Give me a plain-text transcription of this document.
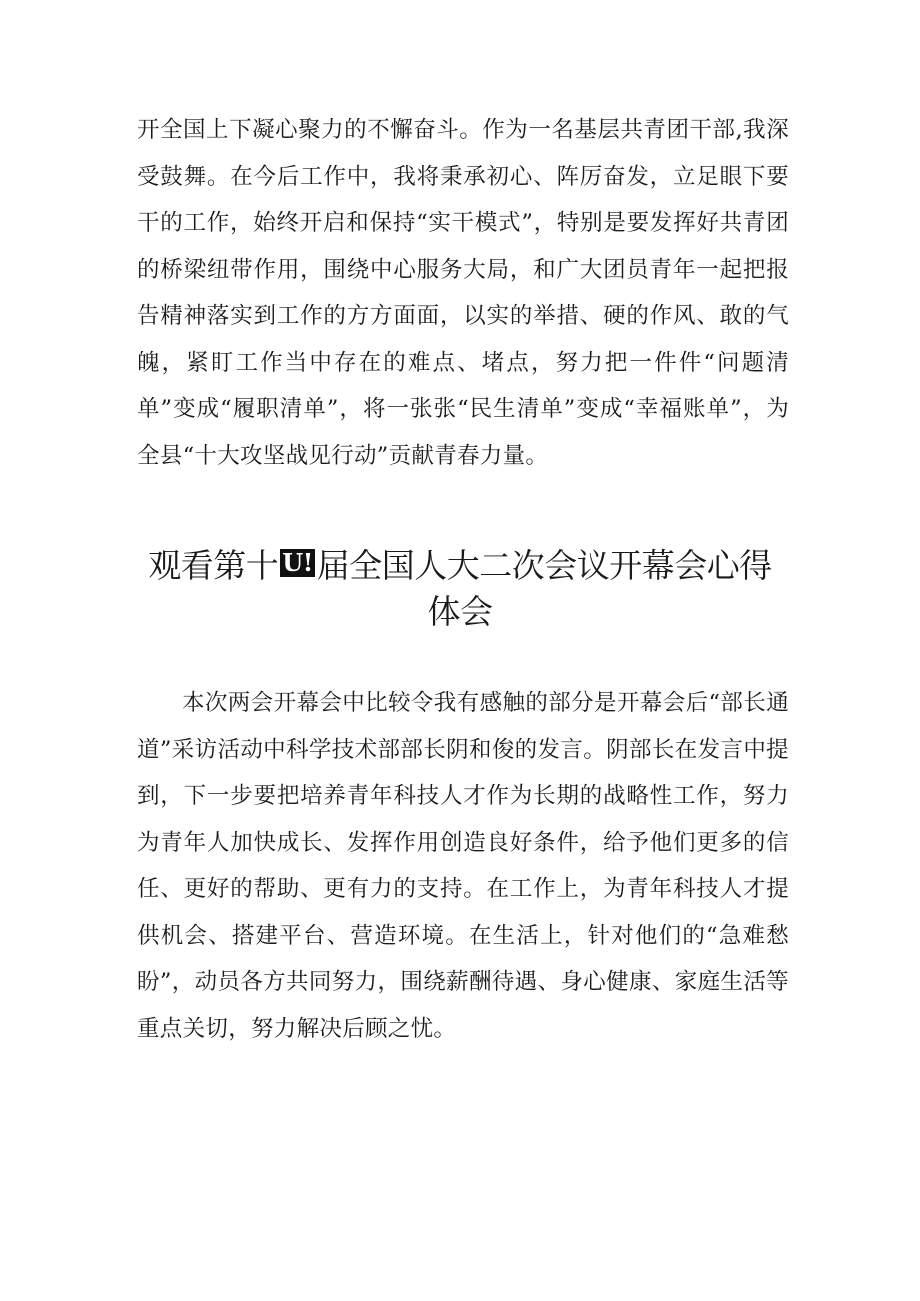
开全国上下凝心聚力的不懈奋斗。作为一名基层共青团干部,我深受鼓舞。在今后工作中，我将秉承初心、阵厉奋发，立足眼下要干的工作，始终开启和保持“实干模式”，特别是要发挥好共青团的桥梁纽带作用，围绕中心服务大局，和广大团员青年一起把报告精神落实到工作的方方面面，以实的举措、硬的作风、敢的气魄，紧盯工作当中存在的难点、堵点，努力把一件件“问题清单”变成“履职清单”，将一张张“民生清单”变成“幸福账单”，为全县“十大攻坚战见行动”贡献青春力量。

观看第十 U! 届全国人大二次会议开幕会心得体会

本次两会开幕会中比较令我有感触的部分是开幕会后“部长通道”采访活动中科学技术部部长阴和俊的发言。阴部长在发言中提到，下一步要把培养青年科技人才作为长期的战略性工作，努力为青年人加快成长、发挥作用创造良好条件，给予他们更多的信任、更好的帮助、更有力的支持。在工作上，为青年科技人才提供机会、搭建平台、营造环境。在生活上，针对他们的“急难愁盼”，动员各方共同努力，围绕薪酬待遇、身心健康、家庭生活等重点关切，努力解决后顾之忧。
